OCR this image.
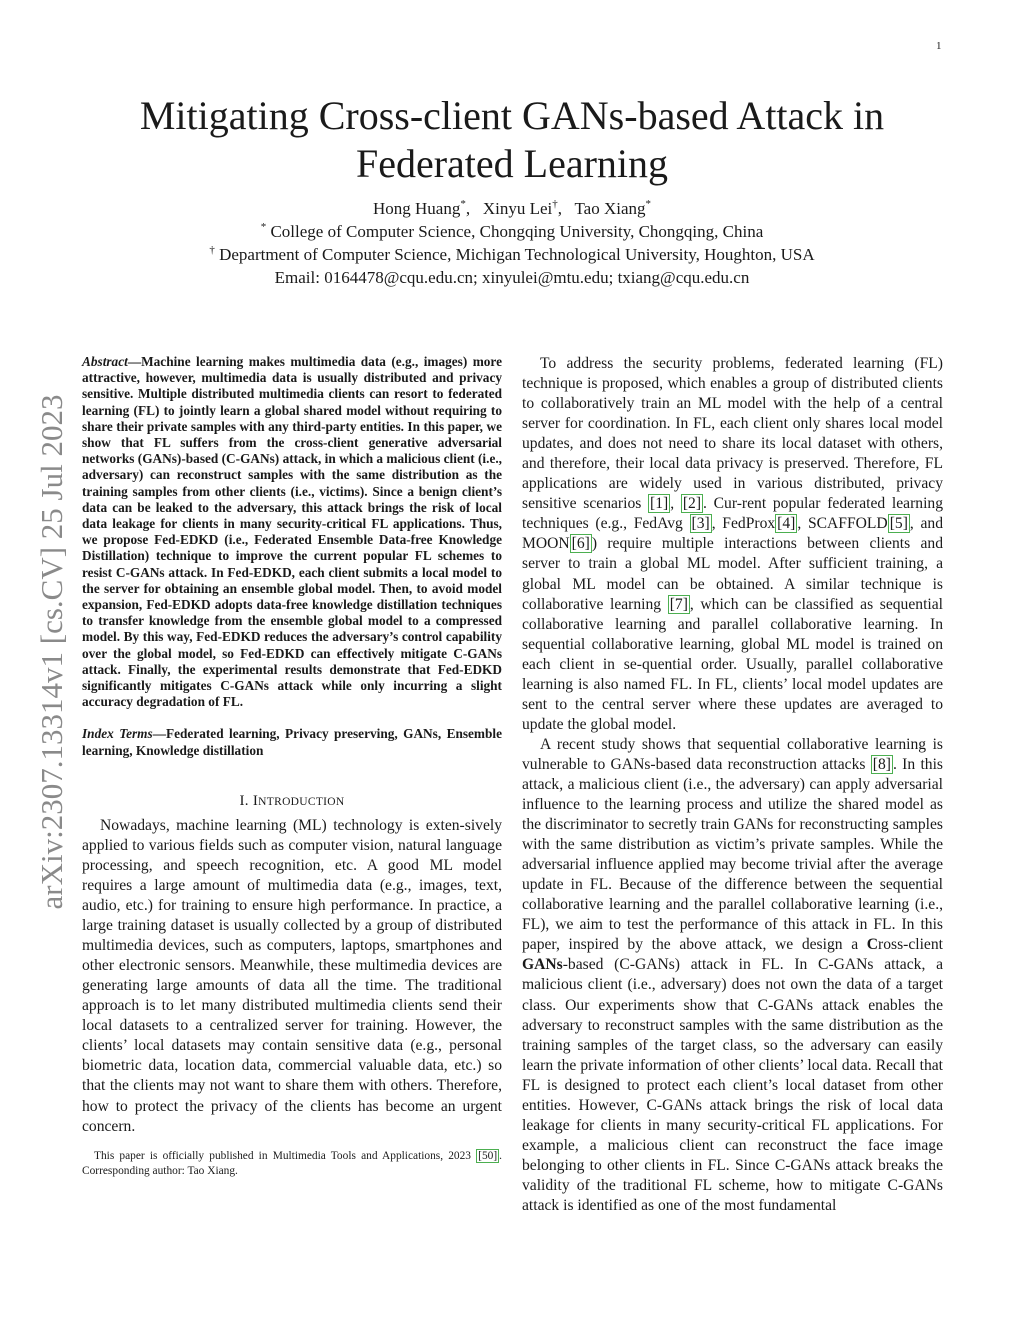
1
arXiv:2307.13314v1 [cs.CV] 25 Jul 2023
Mitigating Cross-client GANs-based Attack in
Federated Learning
Hong Huang*, Xinyu Lei†, Tao Xiang*
* College of Computer Science, Chongqing University, Chongqing, China
† Department of Computer Science, Michigan Technological University, Houghton, USA
Email: 0164478@cqu.edu.cn; xinyulei@mtu.edu; txiang@cqu.edu.cn

Abstract—Machine learning makes multimedia data (e.g., images) more attractive, however, multimedia data is usually distributed and privacy sensitive. Multiple distributed multimedia clients can resort to federated learning (FL) to jointly learn a global shared model without requiring to share their private samples with any third-party entities. In this paper, we show that FL suffers from the cross-client generative adversarial networks (GANs)-based (C-GANs) attack, in which a malicious client (i.e., adversary) can reconstruct samples with the same distribution as the training samples from other clients (i.e., victims). Since a benign client’s data can be leaked to the adversary, this attack brings the risk of local data leakage for clients in many security-critical FL applications. Thus, we propose Fed-EDKD (i.e., Federated Ensemble Data-free Knowledge Distillation) technique to improve the current popular FL schemes to resist C-GANs attack. In Fed-EDKD, each client submits a local model to the server for obtaining an ensemble global model. Then, to avoid model expansion, Fed-EDKD adopts data-free knowledge distillation techniques to transfer knowledge from the ensemble global model to a compressed model. By this way, Fed-EDKD reduces the adversary’s control capability over the global model, so Fed-EDKD can effectively mitigate C-GANs attack. Finally, the experimental results demonstrate that Fed-EDKD significantly mitigates C-GANs attack while only incurring a slight accuracy degradation of FL.

Index Terms—Federated learning, Privacy preserving, GANs, Ensemble learning, Knowledge distillation

I. INTRODUCTION

Nowadays, machine learning (ML) technology is exten-sively applied to various fields such as computer vision, natural language processing, and speech recognition, etc. A good ML model requires a large amount of multimedia data (e.g., images, text, audio, etc.) for training to ensure high performance. In practice, a large training dataset is usually collected by a group of distributed multimedia devices, such as computers, laptops, smartphones and other electronic sensors. Meanwhile, these multimedia devices are generating large amounts of data all the time. The traditional approach is to let many distributed multimedia clients send their local datasets to a centralized server for training. However, the clients’ local datasets may contain sensitive data (e.g., personal biometric data, location data, commercial valuable data, etc.) so that the clients may not want to share them with others. Therefore, how to protect the privacy of the clients has become an urgent concern.

This paper is officially published in Multimedia Tools and Applications, 2023 [50] . Corresponding author: Tao Xiang.

To address the security problems, federated learning (FL) technique is proposed, which enables a group of distributed clients to collaboratively train an ML model with the help of a central server for coordination. In FL, each client only shares local model updates, and does not need to share its local dataset with others, and therefore, their local data privacy is preserved. Therefore, FL applications are widely used in various distributed, privacy sensitive scenarios [1] , [2] . Cur-rent popular federated learning techniques (e.g., FedAvg [3] , FedProx [4] , SCAFFOLD [5] , and MOON [6] ) require multiple interactions between clients and server to train a global ML model. After sufficient training, a global ML model can be obtained. A similar technique is collaborative learning [7] , which can be classified as sequential collaborative learning and parallel collaborative learning. In sequential collaborative learning, global ML model is trained on each client in se-quential order. Usually, parallel collaborative learning is also named FL. In FL, clients’ local model updates are sent to the central server where these updates are averaged to update the global model.

A recent study shows that sequential collaborative learning is vulnerable to GANs-based data reconstruction attacks [8] . In this attack, a malicious client (i.e., the adversary) can apply adversarial influence to the learning process and utilize the shared model as the discriminator to secretly train GANs for reconstructing samples with the same distribution as victim’s private samples. While the adversarial influence applied may become trivial after the average update in FL. Because of the difference between the sequential collaborative learning and the parallel collaborative learning (i.e., FL), we aim to test the performance of this attack in FL. In this paper, inspired by the above attack, we design a Cross-client GANs-based (C-GANs) attack in FL. In C-GANs attack, a malicious client (i.e., adversary) does not own the data of a target class. Our experiments show that C-GANs attack enables the adversary to reconstruct samples with the same distribution as the training samples of the target class, so the adversary can easily learn the private information of other clients’ local data. Recall that FL is designed to protect each client’s local dataset from other entities. However, C-GANs attack brings the risk of local data leakage for clients in many security-critical FL applications. For example, a malicious client can reconstruct the face image belonging to other clients in FL. Since C-GANs attack breaks the validity of the traditional FL scheme, how to mitigate C-GANs attack is identified as one of the most fundamental
